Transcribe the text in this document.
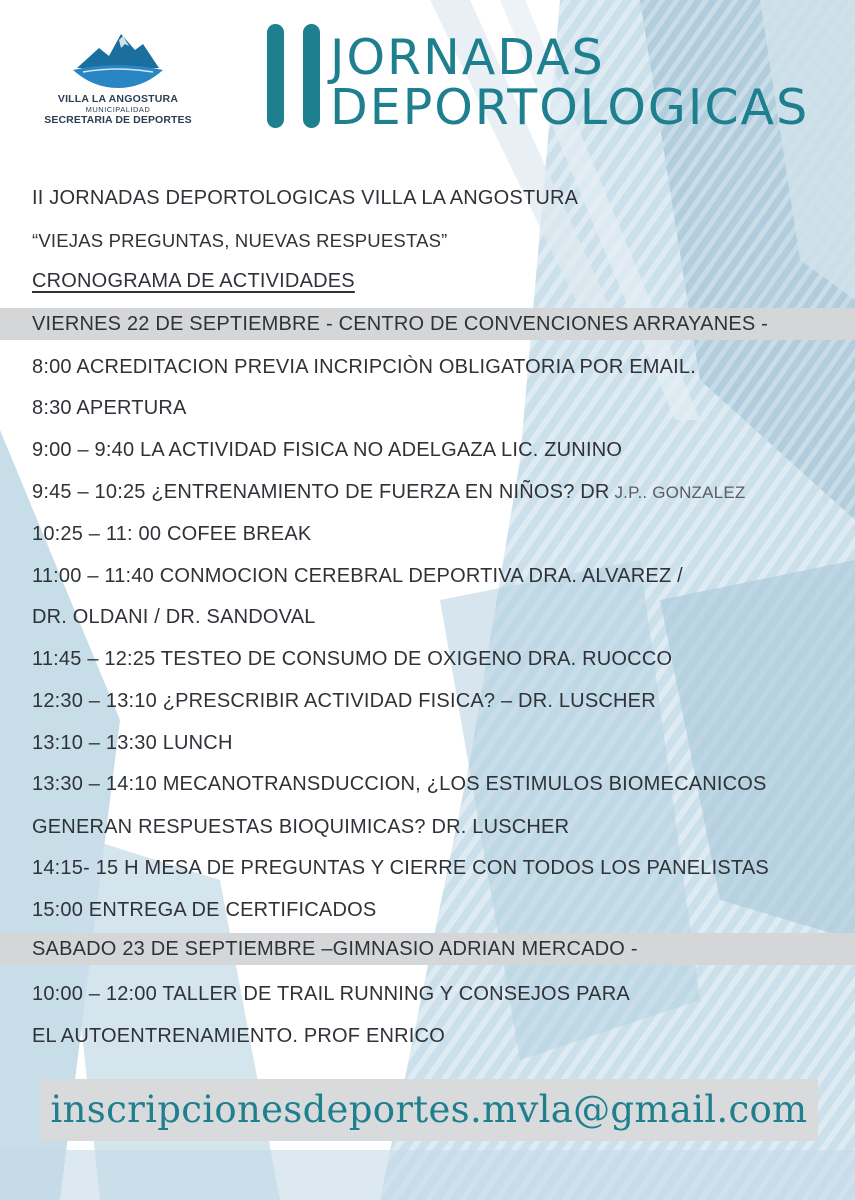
VILLA LA ANGOSTURA
MUNICIPALIDAD
SECRETARIA DE DEPORTES
JORNADAS
DEPORTOLOGICAS
II JORNADAS DEPORTOLOGICAS VILLA LA ANGOSTURA
“VIEJAS PREGUNTAS, NUEVAS RESPUESTAS”
CRONOGRAMA DE ACTIVIDADES
VIERNES 22 DE SEPTIEMBRE - CENTRO DE CONVENCIONES ARRAYANES -
8:00 ACREDITACION PREVIA INCRIPCIÒN OBLIGATORIA POR EMAIL.
8:30 APERTURA
9:00 – 9:40 LA ACTIVIDAD FISICA NO ADELGAZA LIC. ZUNINO
9:45 – 10:25 ¿ENTRENAMIENTO DE FUERZA EN NIÑOS? DR J.P.. GONZALEZ
10:25 – 11: 00 COFEE BREAK
11:00 – 11:40 CONMOCION CEREBRAL DEPORTIVA DRA. ALVAREZ /
DR. OLDANI / DR. SANDOVAL
11:45 – 12:25 TESTEO DE CONSUMO DE OXIGENO DRA. RUOCCO
12:30 – 13:10 ¿PRESCRIBIR ACTIVIDAD FISICA? – DR. LUSCHER
13:10 – 13:30 LUNCH
13:30 – 14:10 MECANOTRANSDUCCION, ¿LOS ESTIMULOS BIOMECANICOS
GENERAN RESPUESTAS BIOQUIMICAS? DR. LUSCHER
14:15- 15 H MESA DE PREGUNTAS Y CIERRE CON TODOS LOS PANELISTAS
15:00 ENTREGA DE CERTIFICADOS
SABADO 23 DE SEPTIEMBRE –GIMNASIO ADRIAN MERCADO -
10:00 – 12:00 TALLER DE TRAIL RUNNING Y CONSEJOS PARA
EL AUTOENTRENAMIENTO. PROF ENRICO
inscripcionesdeportes.mvla@gmail.com
